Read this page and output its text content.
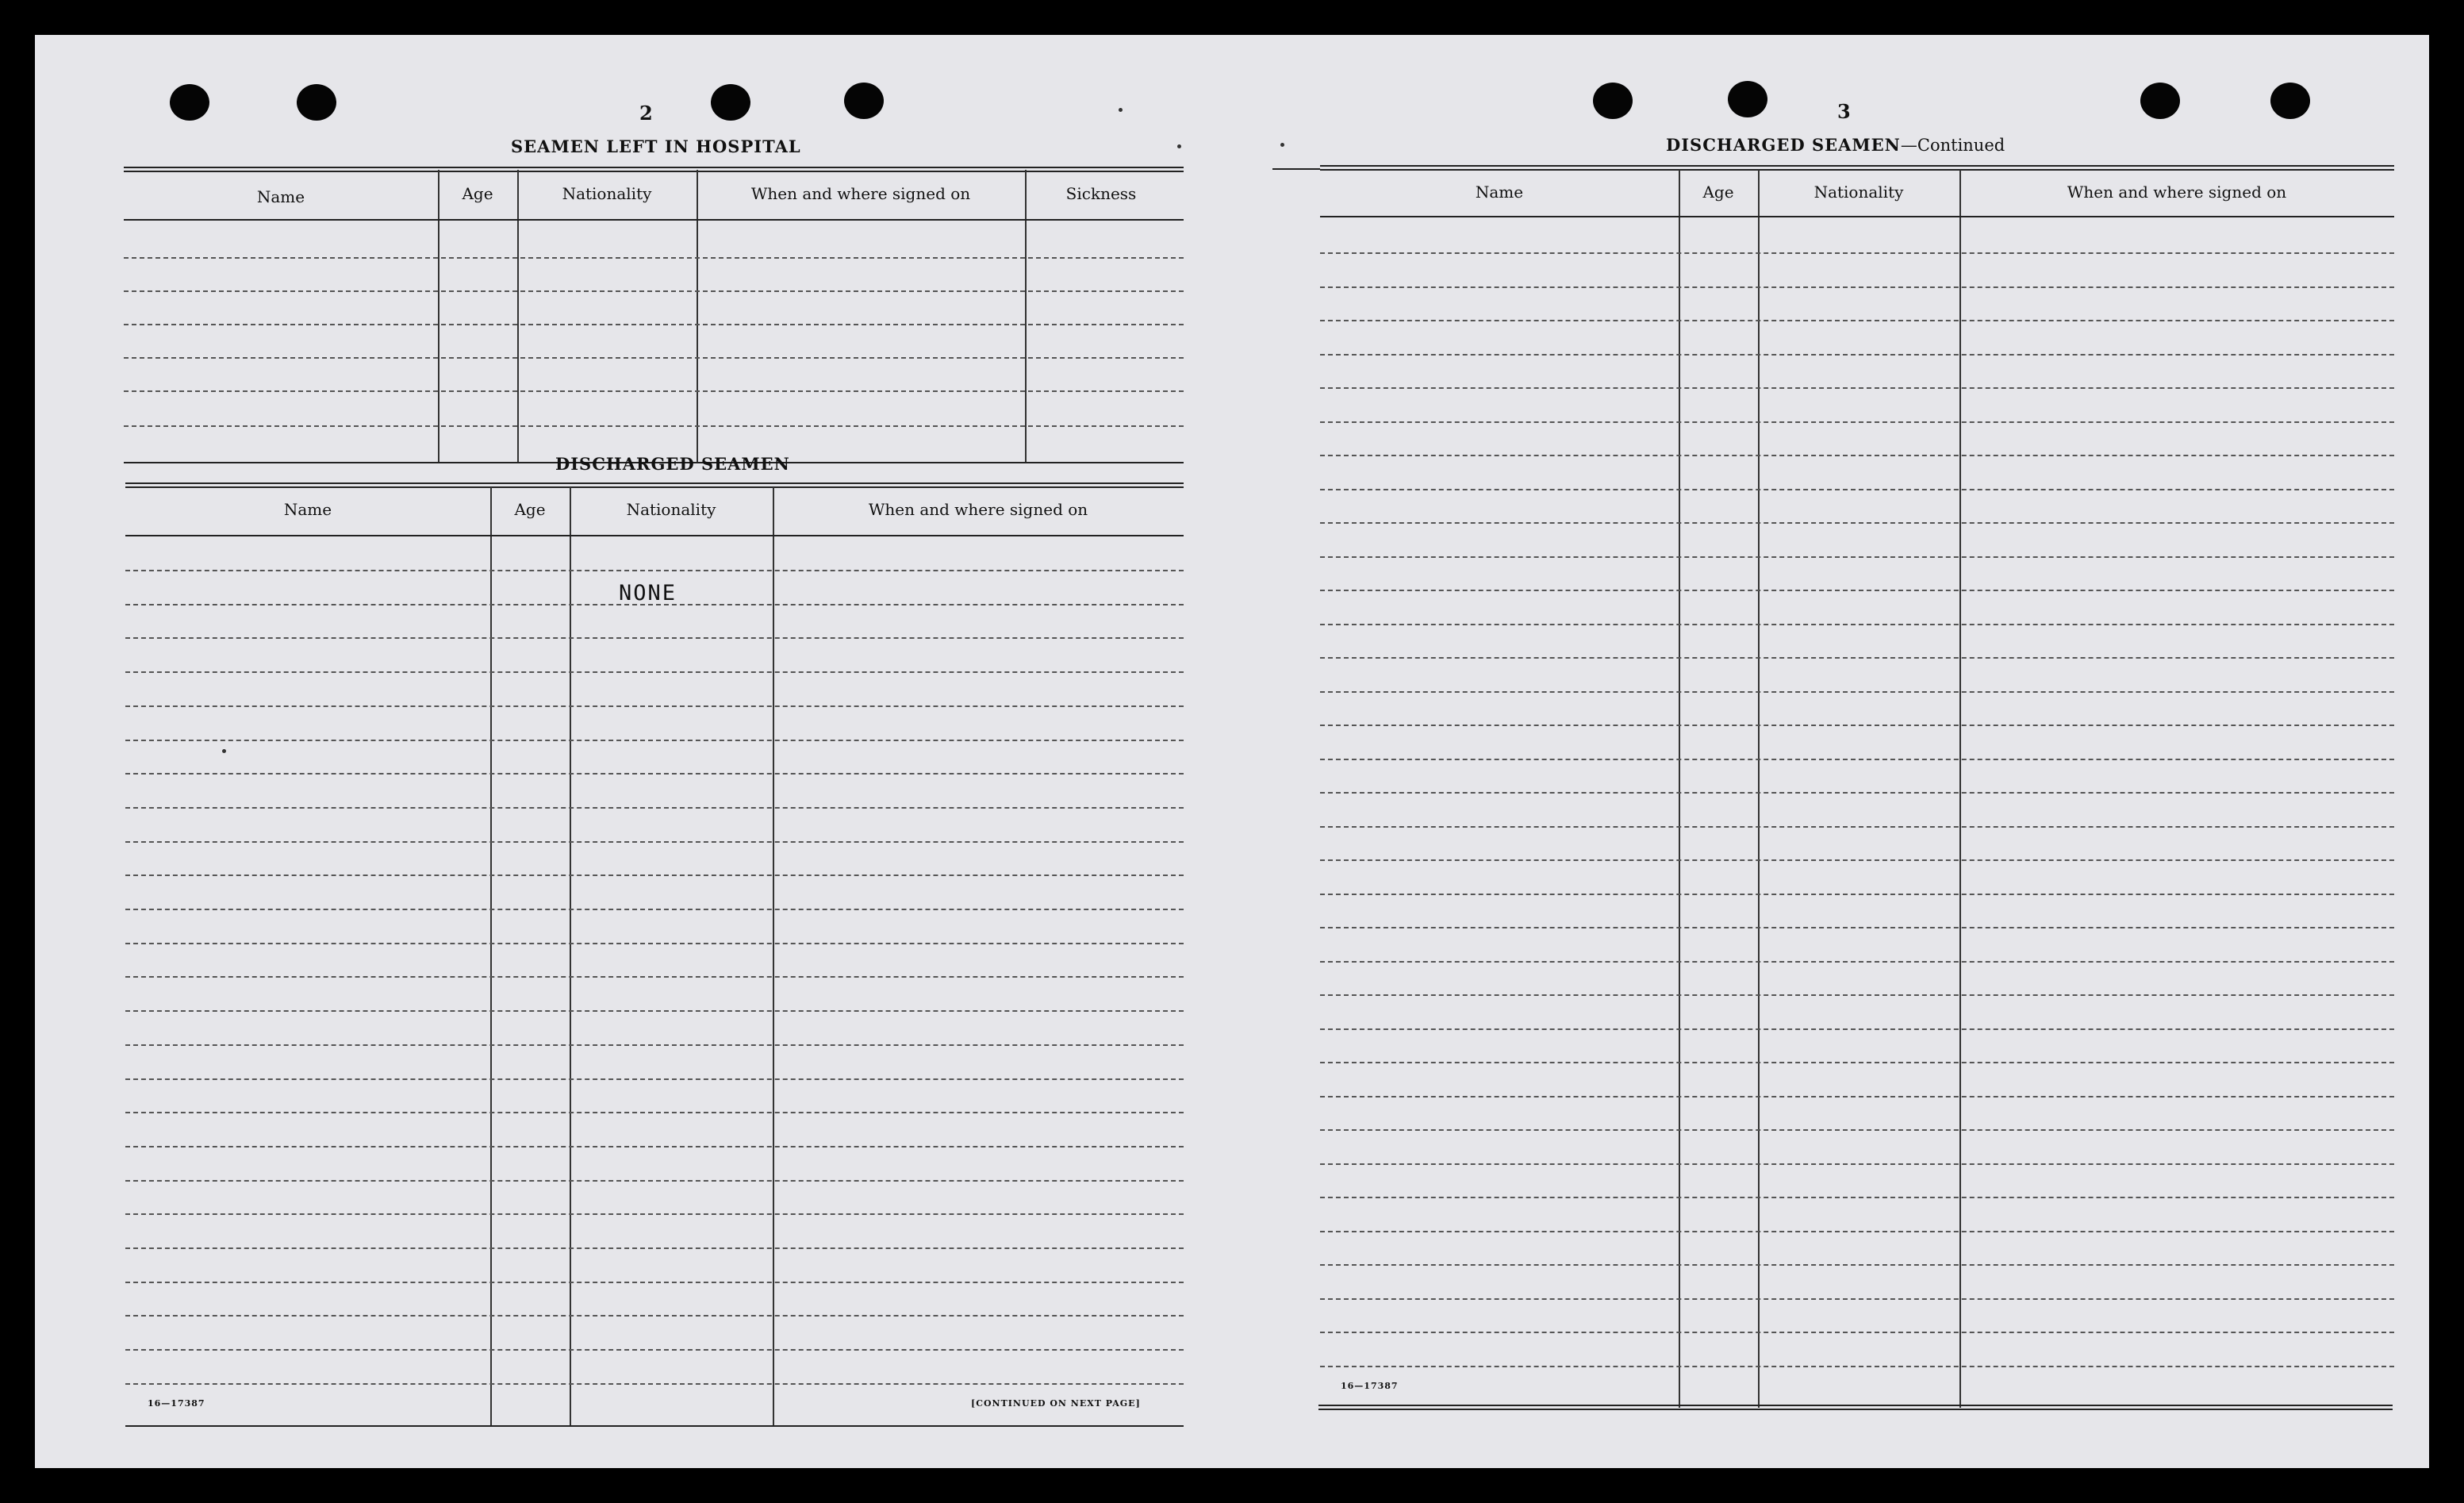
2
SEAMEN LEFT IN HOSPITAL
Name	Age	Nationality	When and where signed on	Sickness
DISCHARGED SEAMEN
Name	Age	Nationality	When and where signed on
NONE
16—17387	[CONTINUED ON NEXT PAGE]
3
DISCHARGED SEAMEN—Continued
Name	Age	Nationality	When and where signed on
16—17387
